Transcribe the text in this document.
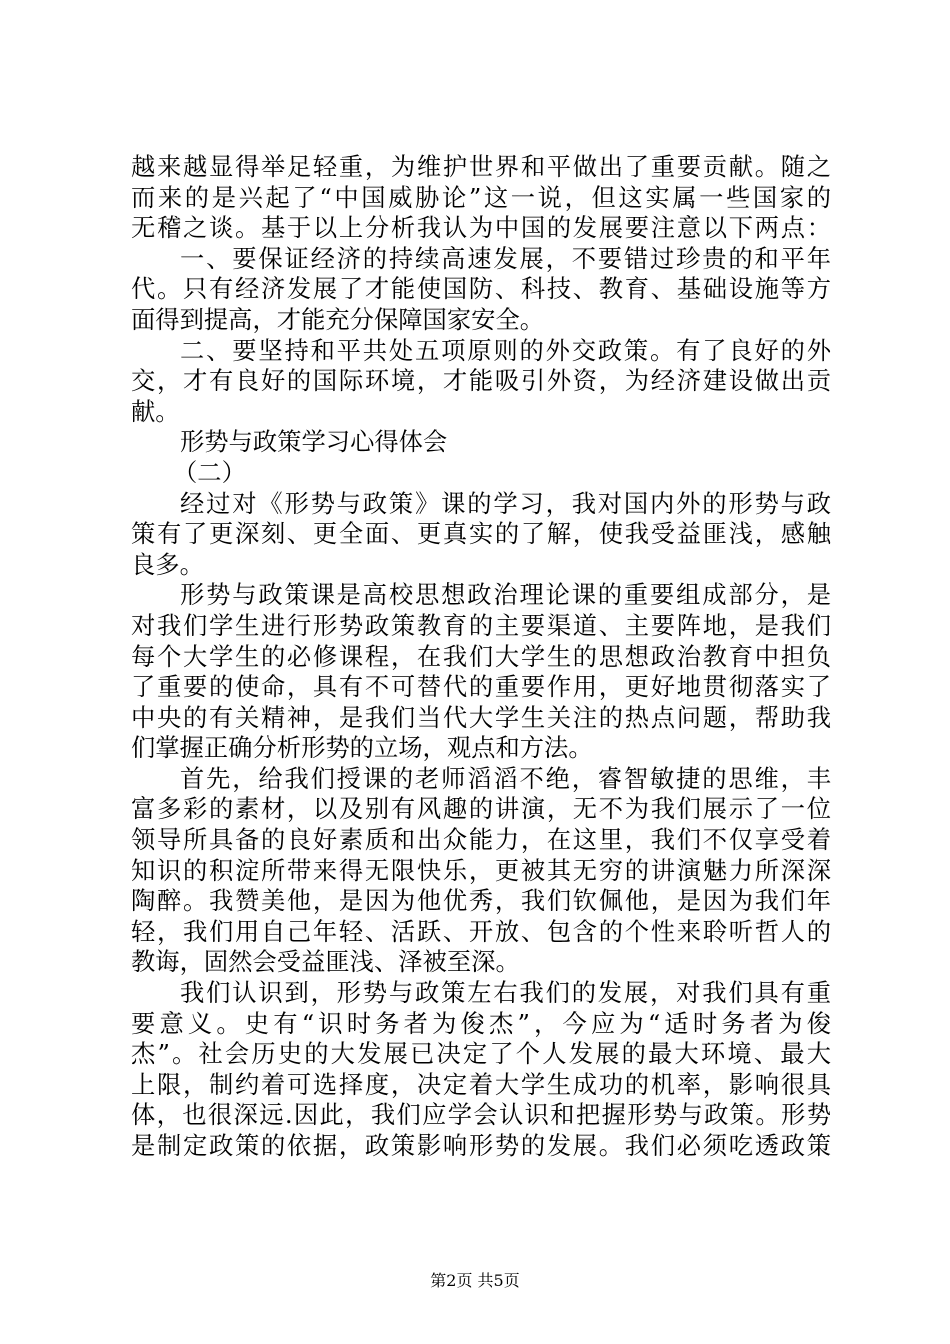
越来越显得举足轻重，为维护世界和平做出了重要贡献。随之
而来的是兴起了“中国威胁论”这一说，但这实属一些国家的
无稽之谈。基于以上分析我认为中国的发展要注意以下两点：
一、要保证经济的持续高速发展，不要错过珍贵的和平年
代。只有经济发展了才能使国防、科技、教育、基础设施等方
面得到提高，才能充分保障国家安全。
二、要坚持和平共处五项原则的外交政策。有了良好的外
交，才有良好的国际环境，才能吸引外资，为经济建设做出贡
献。
形势与政策学习心得体会
（二）
经过对《形势与政策》课的学习，我对国内外的形势与政
策有了更深刻、更全面、更真实的了解，使我受益匪浅，感触
良多。
形势与政策课是高校思想政治理论课的重要组成部分，是
对我们学生进行形势政策教育的主要渠道、主要阵地，是我们
每个大学生的必修课程，在我们大学生的思想政治教育中担负
了重要的使命，具有不可替代的重要作用，更好地贯彻落实了
中央的有关精神，是我们当代大学生关注的热点问题，帮助我
们掌握正确分析形势的立场，观点和方法。
首先，给我们授课的老师滔滔不绝，睿智敏捷的思维，丰
富多彩的素材，以及别有风趣的讲演，无不为我们展示了一位
领导所具备的良好素质和出众能力，在这里，我们不仅享受着
知识的积淀所带来得无限快乐，更被其无穷的讲演魅力所深深
陶醉。我赞美他，是因为他优秀，我们钦佩他，是因为我们年
轻，我们用自己年轻、活跃、开放、包含的个性来聆听哲人的
教诲，固然会受益匪浅、泽被至深。
我们认识到，形势与政策左右我们的发展，对我们具有重
要意义。史有“识时务者为俊杰”，今应为“适时务者为俊
杰”。社会历史的大发展已决定了个人发展的最大环境、最大
上限，制约着可选择度，决定着大学生成功的机率，影响很具
体，也很深远.因此，我们应学会认识和把握形势与政策。形势
是制定政策的依据，政策影响形势的发展。我们必须吃透政策
第2页 共5页
